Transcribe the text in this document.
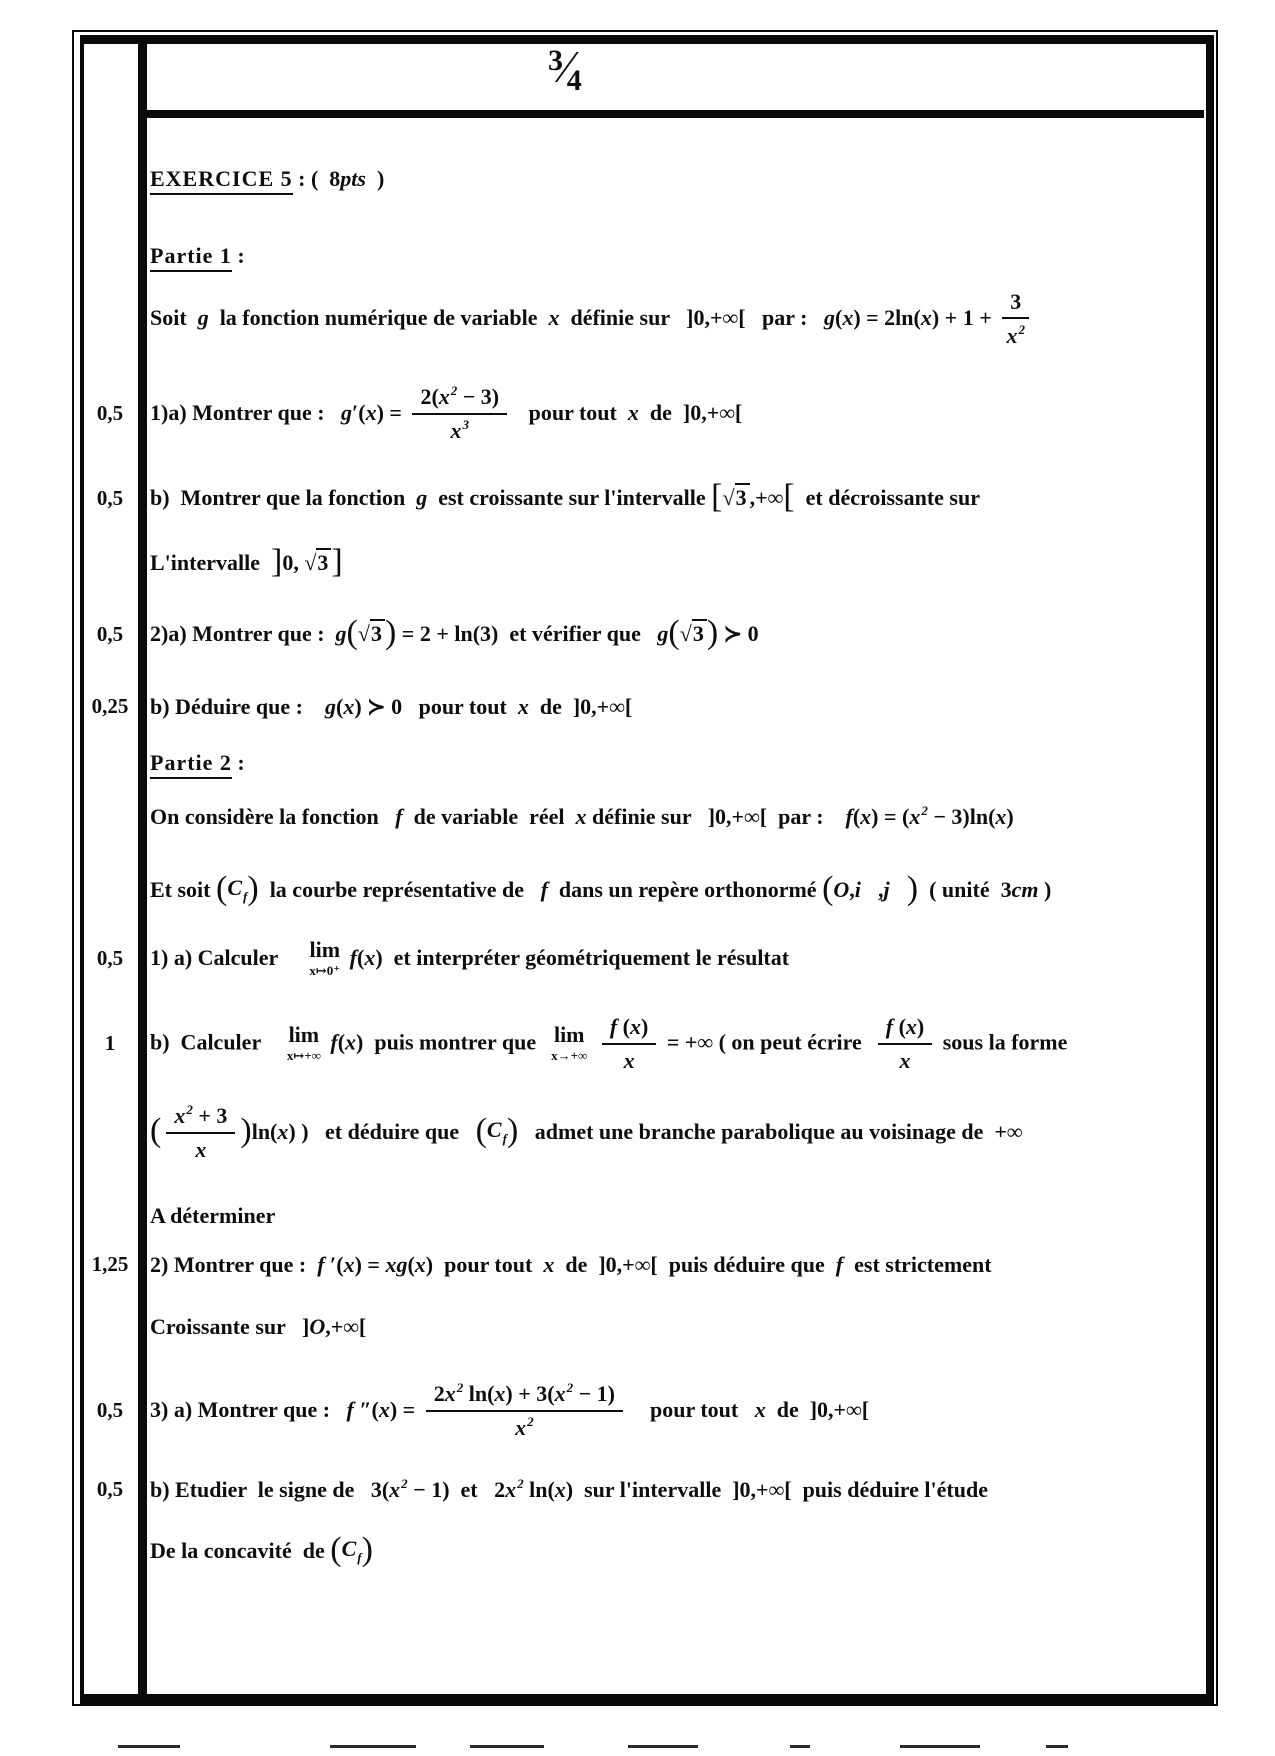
3⁄4
EXERCICE 5 : (  8pts  )
Partie 1 :
Soit  g  la fonction numérique de variable  x  définie sur   ]0,+∞[   par :   $g(x) = 2\ln(x) + 1 + \frac{3}{x^2}$
0,5	1)a) Montrer que :   $g'(x) = \frac{2(x^2 - 3)}{x^3}$ pour tout  x  de  ]0,+∞[
0,5	b)  Montrer que la fonction  g  est croissante sur l'intervalle [√3 ,+∞[  et décroissante sur
L'intervalle  ]0, √3]
0,5	2)a) Montrer que :  g(√3) = 2 + ln(3)  et vérifier que   g(√3) ≻ 0
0,25 b) Déduire que :    g(x) ≻ 0   pour tout  x  de  ]0,+∞[
Partie 2 :
On considère la fonction   f  de variable  réel  x définie sur   ]0,+∞[  par :    $f(x) = (x^2 - 3)\ln(x)$
Et soit $(C_f)$  la courbe représentative de   f  dans un repère orthonormé (O,i⃗,j⃗)  ( unité  3cm )
0,5	1) a) Calculer lim
x↦0⁺
f(x)  et interpréter géométriquement le résultat
1	b)  Calculer lim
x↦+∞
f(x)  puis montrer que lim
x→+∞
$\frac{f (x)}{x}$ = +∞ ( on peut écrire $\frac{f (x)}{x}$ sous la forme
( $\frac{x^2 + 3}{x} )\ln(x)$ )   et déduire que   $(C_f)$   admet une branche parabolique au voisinage de  +∞
A déterminer
1,25 2) Montrer que :  f ′(x) = xg(x)  pour tout  x  de  ]0,+∞[  puis déduire que  f  est strictement
Croissante sur   ]O,+∞[
0,5	3) a) Montrer que :   f $''(x) = \frac{2x^2 \ln(x) + 3(x^2 - 1)}{x^2}$ pour tout   x  de  ]0,+∞[
0,5	b) Etudier  le signe de   $3(x^2 - 1)$  et   $2x^2$ ln(x)  sur l'intervalle  ]0,+∞[  puis déduire l'étude
De la concavité  de $(C_f)$
